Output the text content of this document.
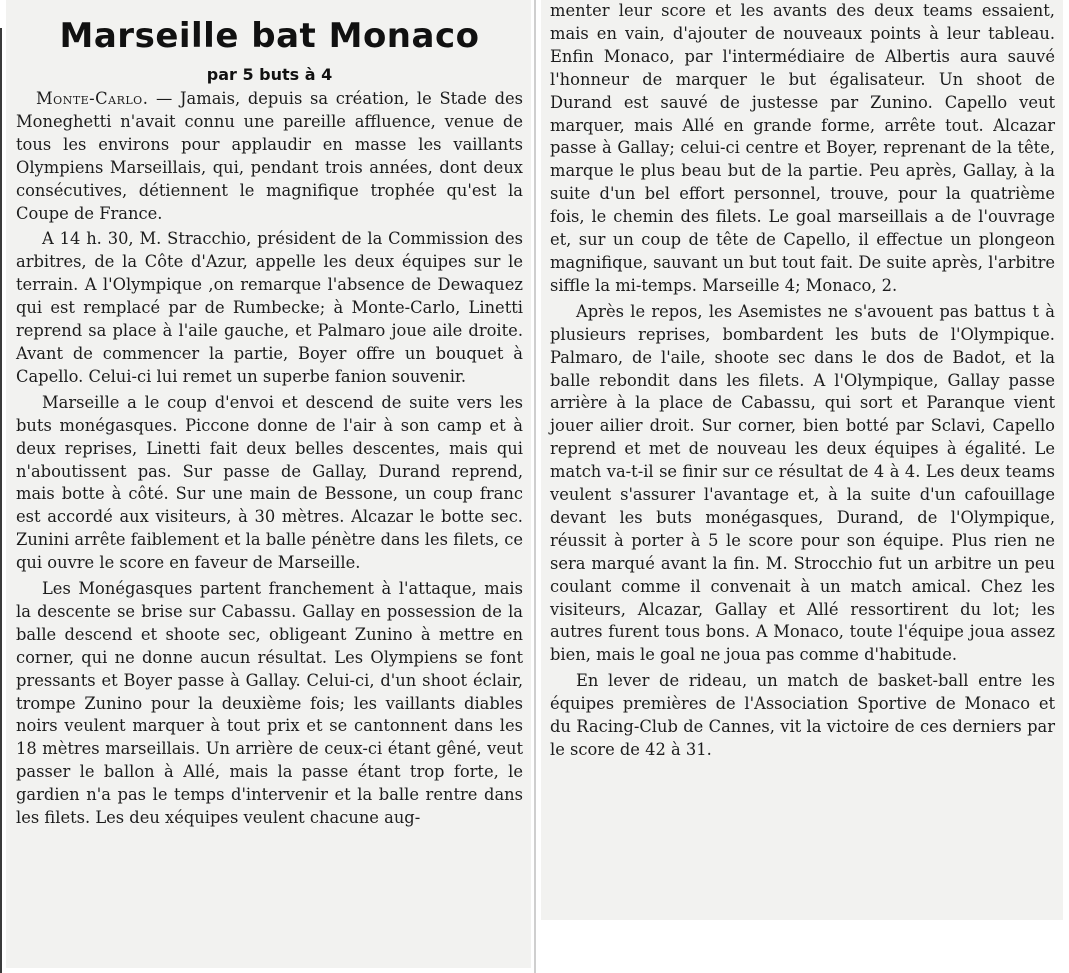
Marseille bat Monaco
par 5 buts à 4

Monte-Carlo. — Jamais, depuis sa création, le Stade des Moneghetti n'avait connu une pareille affluence, venue de tous les environs pour applaudir en masse les vaillants Olympiens Marseillais, qui, pendant trois années, dont deux consécutives, détiennent le magnifique trophée qu'est la Coupe de France.

A 14 h. 30, M. Stracchio, président de la Commission des arbitres, de la Côte d'Azur, appelle les deux équipes sur le terrain. A l'Olympique ,on remarque l'absence de Dewaquez qui est remplacé par de Rumbecke; à Monte-Carlo, Linetti reprend sa place à l'aile gauche, et Palmaro joue aile droite. Avant de commencer la partie, Boyer offre un bouquet à Capello. Celui-ci lui remet un superbe fanion souvenir.

Marseille a le coup d'envoi et descend de suite vers les buts monégasques. Piccone donne de l'air à son camp et à deux reprises, Linetti fait deux belles descentes, mais qui n'aboutissent pas. Sur passe de Gallay, Durand reprend, mais botte à côté. Sur une main de Bessone, un coup franc est accordé aux visiteurs, à 30 mètres. Alcazar le botte sec. Zunini arrête faiblement et la balle pénètre dans les filets, ce qui ouvre le score en faveur de Marseille.

Les Monégasques partent franchement à l'attaque, mais la descente se brise sur Cabassu. Gallay en possession de la balle descend et shoote sec, obligeant Zunino à mettre en corner, qui ne donne aucun résultat. Les Olympiens se font pressants et Boyer passe à Gallay. Celui-ci, d'un shoot éclair, trompe Zunino pour la deuxième fois; les vaillants diables noirs veulent marquer à tout prix et se cantonnent dans les 18 mètres marseillais. Un arrière de ceux-ci étant gêné, veut passer le ballon à Allé, mais la passe étant trop forte, le gardien n'a pas le temps d'intervenir et la balle rentre dans les filets. Les deu xéquipes veulent chacune aug-

menter leur score et les avants des deux teams essaient, mais en vain, d'ajouter de nouveaux points à leur tableau. Enfin Monaco, par l'intermédiaire de Albertis aura sauvé l'honneur de marquer le but égalisateur. Un shoot de Durand est sauvé de justesse par Zunino. Capello veut marquer, mais Allé en grande forme, arrête tout. Alcazar passe à Gallay; celui-ci centre et Boyer, reprenant de la tête, marque le plus beau but de la partie. Peu après, Gallay, à la suite d'un bel effort personnel, trouve, pour la quatrième fois, le chemin des filets. Le goal marseillais a de l'ouvrage et, sur un coup de tête de Capello, il effectue un plongeon magnifique, sauvant un but tout fait. De suite après, l'arbitre siffle la mi-temps. Marseille 4; Monaco, 2.

Après le repos, les Asemistes ne s'avouent pas battus t à plusieurs reprises, bombardent les buts de l'Olympique. Palmaro, de l'aile, shoote sec dans le dos de Badot, et la balle rebondit dans les filets. A l'Olympique, Gallay passe arrière à la place de Cabassu, qui sort et Paranque vient jouer ailier droit. Sur corner, bien botté par Sclavi, Capello reprend et met de nouveau les deux équipes à égalité. Le match va-t-il se finir sur ce résultat de 4 à 4. Les deux teams veulent s'assurer l'avantage et, à la suite d'un cafouillage devant les buts monégasques, Durand, de l'Olympique, réussit à porter à 5 le score pour son équipe. Plus rien ne sera marqué avant la fin. M. Strocchio fut un arbitre un peu coulant comme il convenait à un match amical. Chez les visiteurs, Alcazar, Gallay et Allé ressortirent du lot; les autres furent tous bons. A Monaco, toute l'équipe joua assez bien, mais le goal ne joua pas comme d'habitude.

En lever de rideau, un match de basket-ball entre les équipes premières de l'Association Sportive de Monaco et du Racing-Club de Cannes, vit la victoire de ces derniers par le score de 42 à 31.
